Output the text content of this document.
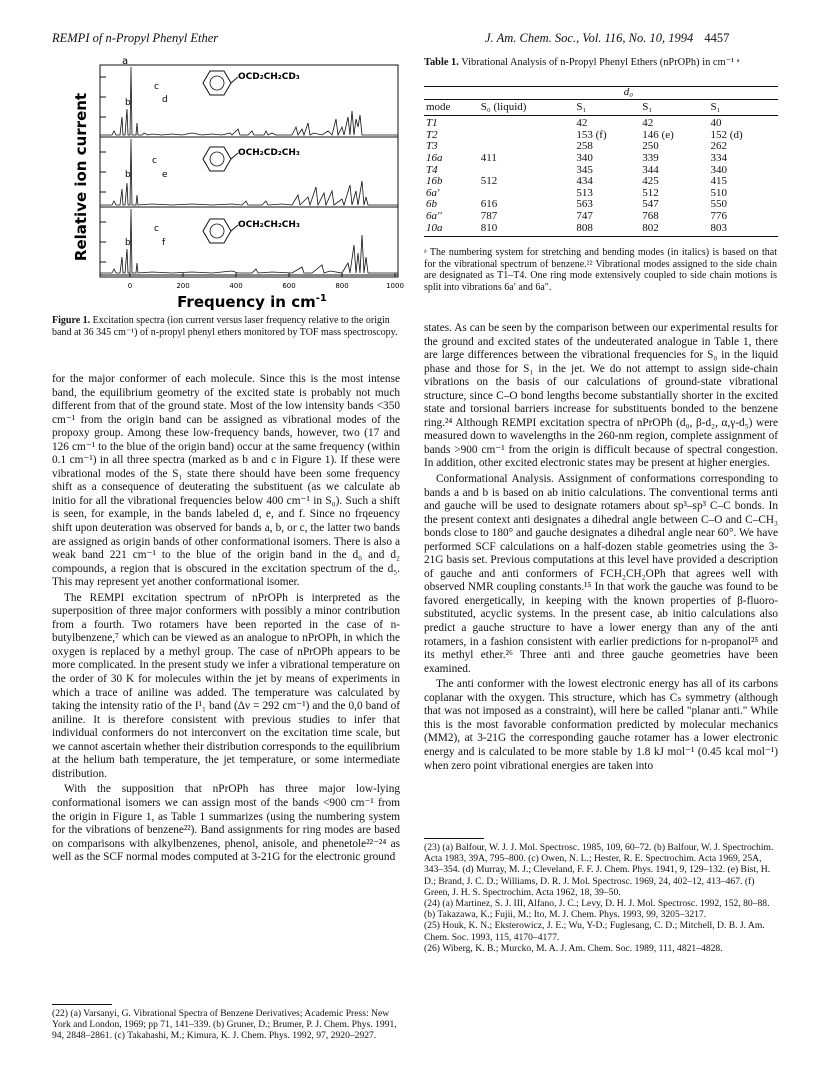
REMPI of n-Propyl Phenyl Ether	J. Am. Chem. Soc., Vol. 116, No. 10, 1994 4457
Relative ion current
0	200	400	600	800	1000
Frequency in $cm^{-1}$
a
b
c
d
OCD₂CH₂CD₃
b
c
e
OCH₂CD₂CH₃
b
c
f
OCH₂CH₂CH₃
Figure 1. Excitation spectra (ion current versus laser frequency relative to the origin band at 36 345 cm⁻¹) of n-propyl phenyl ethers monitored by TOF mass spectroscopy.

for the major conformer of each molecule. Since this is the most intense band, the equilibrium geometry of the excited state is probably not much different from that of the ground state. Most of the low intensity bands <350 cm⁻¹ from the origin band can be assigned as vibrational modes of the propoxy group. Among these low-frequency bands, however, two (17 and 126 cm⁻¹ to the blue of the origin band) occur at the same frequency (within 0.1 cm⁻¹) in all three spectra (marked as b and c in Figure 1). If these were vibrational modes of the S₁ state there should have been some frequency shift as a consequence of deuterating the substituent (as we calculate ab initio for all the vibrational frequencies below 400 cm⁻¹ in S₀). Such a shift is seen, for example, in the bands labeled d, e, and f. Since no frqeuency shift upon deuteration was observed for bands a, b, or c, the latter two bands are assigned as origin bands of other conformational isomers. There is also a weak band 221 cm⁻¹ to the blue of the origin band in the d₀ and d₂ compounds, a region that is obscured in the excitation spectrum of the d₅. This may represent yet another conformational isomer.

The REMPI excitation spectrum of nPrOPh is interpreted as the superposition of three major conformers with possibly a minor contribution from a fourth. Two rotamers have been reported in the case of n-butylbenzene,⁷ which can be viewed as an analogue to nPrOPh, in which the oxygen is replaced by a methyl group. The case of nPrOPh appears to be more complicated. In the present study we infer a vibrational temperature on the order of 30 K for molecules within the jet by means of experiments in which a trace of aniline was added. The temperature was calculated by taking the intensity ratio of the I¹₁ band (Δν = 292 cm⁻¹) and the 0,0 band of aniline. It is therefore consistent with previous studies to infer that individual conformers do not interconvert on the excitation time scale, but we cannot ascertain whether their distribution corresponds to the equilibrium at the helium bath temperature, the jet temperature, or some intermediate distribution.

With the supposition that nPrOPh has three major low-lying conformational isomers we can assign most of the bands <900 cm⁻¹ from the origin in Figure 1, as Table 1 summarizes (using the numbering system for the vibrations of benzene²²). Band assignments for ring modes are based on comparisons with alkylbenzenes, phenol, anisole, and phenetole²²⁻²⁴ as well as the SCF normal modes computed at 3-21G for the electronic ground

(22) (a) Varsanyi, G. Vibrational Spectra of Benzene Derivatives; Academic Press: New York and London, 1969; pp 71, 141–339. (b) Gruner, D.; Brumer, P. J. Chem. Phys. 1991, 94, 2848–2861. (c) Takahashi, M.; Kimura, K. J. Chem. Phys. 1992, 97, 2920–2927.
Table 1. Vibrational Analysis of n-Propyl Phenyl Ethers (nPrOPh) in cm⁻¹ ᵃ
	d₀			
mode	S₀ (liquid)	S₁	S₁	S₁
T1		42	42	40
T2		153 (f)	146 (e)	152 (d)
T3		258	250	262
16a	411	340	339	334
T4		345	344	340
16b	512	434	425	415
6a'		513	512	510
6b	616	563	547	550
6a''	787	747	768	776
10a	810	808	802	803
ᵃ The numbering system for stretching and bending modes (in italics) is based on that for the vibrational spectrum of benzene.²² Vibrational modes assigned to the side chain are designated as T1–T4. One ring mode extensively coupled to side chain motions is split into vibrations 6a′ and 6a″.

states. As can be seen by the comparison between our experimental results for the ground and excited states of the undeuterated analogue in Table 1, there are large differences between the vibrational frequencies for S₀ in the liquid phase and those for S₁ in the jet. We do not attempt to assign side-chain vibrations on the basis of our calculations of ground-state vibrational structure, since C–O bond lengths become substantially shorter in the excited state and torsional barriers increase for substituents bonded to the benzene ring.²⁴ Although REMPI excitation spectra of nPrOPh (d₀, β-d₂, α,γ-d₅) were measured down to wavelengths in the 260-nm region, complete assignment of bands >900 cm⁻¹ from the origin is difficult because of spectral congestion. In addition, other excited electronic states may be present at higher energies.

Conformational Analysis. Assignment of conformations corresponding to bands a and b is based on ab initio calculations. The conventional terms anti and gauche will be used to designate rotamers about sp³–sp³ C–C bonds. In the present context anti designates a dihedral angle between C–O and C–CH₃ bonds close to 180° and gauche designates a dihedral angle near 60°. We have performed SCF calculations on a half-dozen stable geometries using the 3-21G basis set. Previous computations at this level have provided a description of gauche and anti conformers of FCH₂CH₂OPh that agrees well with observed NMR coupling constants.¹⁵ In that work the gauche was found to be favored energetically, in keeping with the known properties of β-fluoro-substituted, acyclic systems. In the present case, ab initio calculations also predict a gauche structure to have a lower energy than any of the anti rotamers, in a fashion consistent with earlier predictions for n-propanol²⁵ and its methyl ether.²⁶ Three anti and three gauche geometries have been examined.

The anti conformer with the lowest electronic energy has all of its carbons coplanar with the oxygen. This structure, which has Cₛ symmetry (although that was not imposed as a constraint), will here be called "planar anti." While this is the most favorable conformation predicted by molecular mechanics (MM2), at 3-21G the corresponding gauche rotamer has a lower electronic energy and is calculated to be more stable by 1.8 kJ mol⁻¹ (0.45 kcal mol⁻¹) when zero point vibrational energies are taken into

(23) (a) Balfour, W. J. J. Mol. Spectrosc. 1985, 109, 60–72. (b) Balfour, W. J. Spectrochim. Acta 1983, 39A, 795–800. (c) Owen, N. L.; Hester, R. E. Spectrochim. Acta 1969, 25A, 343–354. (d) Murray, M. J.; Cleveland, F. F. J. Chem. Phys. 1941, 9, 129–132. (e) Bist, H. D.; Brand, J. C. D.; Williams, D. R. J. Mol. Spectrosc. 1969, 24, 402–12, 413–467. (f) Green, J. H. S. Spectrochim. Acta 1962, 18, 39–50.
(24) (a) Martinez, S. J. III, Alfano, J. C.; Levy, D. H. J. Mol. Spectrosc. 1992, 152, 80–88. (b) Takazawa, K.; Fujii, M.; Ito, M. J. Chem. Phys. 1993, 99, 3205–3217.
(25) Houk, K. N.; Eksterowicz, J. E.; Wu, Y-D.; Fuglesang, C. D.; Mitchell, D. B. J. Am. Chem. Soc. 1993, 115, 4170–4177.
(26) Wiberg, K. B.; Murcko, M. A. J. Am. Chem. Soc. 1989, 111, 4821–4828.
